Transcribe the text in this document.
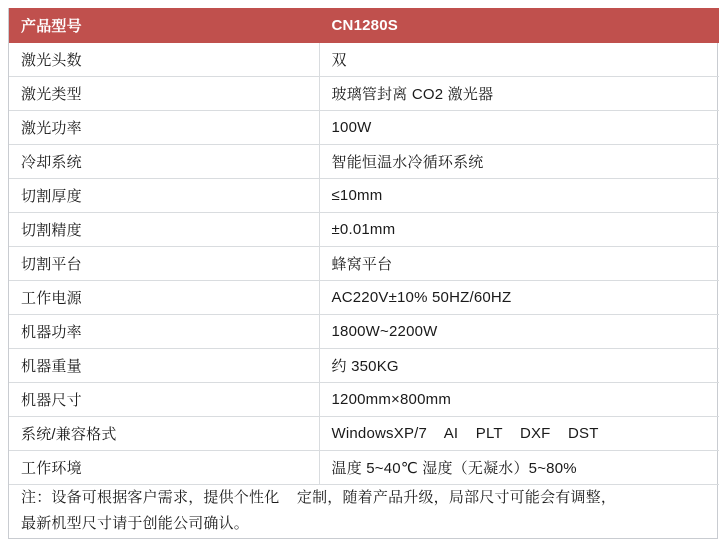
产品型号	CN1280S
激光头数	双
激光类型	玻璃管封离 CO2 激光器
激光功率	100W
冷却系统	智能恒温水冷循环系统
切割厚度	≤10mm
切割精度	±0.01mm
切割平台	蜂窝平台
工作电源	AC220V±10% 50HZ/60HZ
机器功率	1800W~2200W
机器重量	约 350KG
机器尺寸	1200mm×800mm
系统/兼容格式	WindowsXP/7    AI    PLT    DXF    DST
工作环境	温度 5~40℃ 湿度（无凝水）5~80%

注：设备可根据客户需求，提供个性化    定制，随着产品升级，局部尺寸可能会有调整，
最新机型尺寸请于创能公司确认。	
